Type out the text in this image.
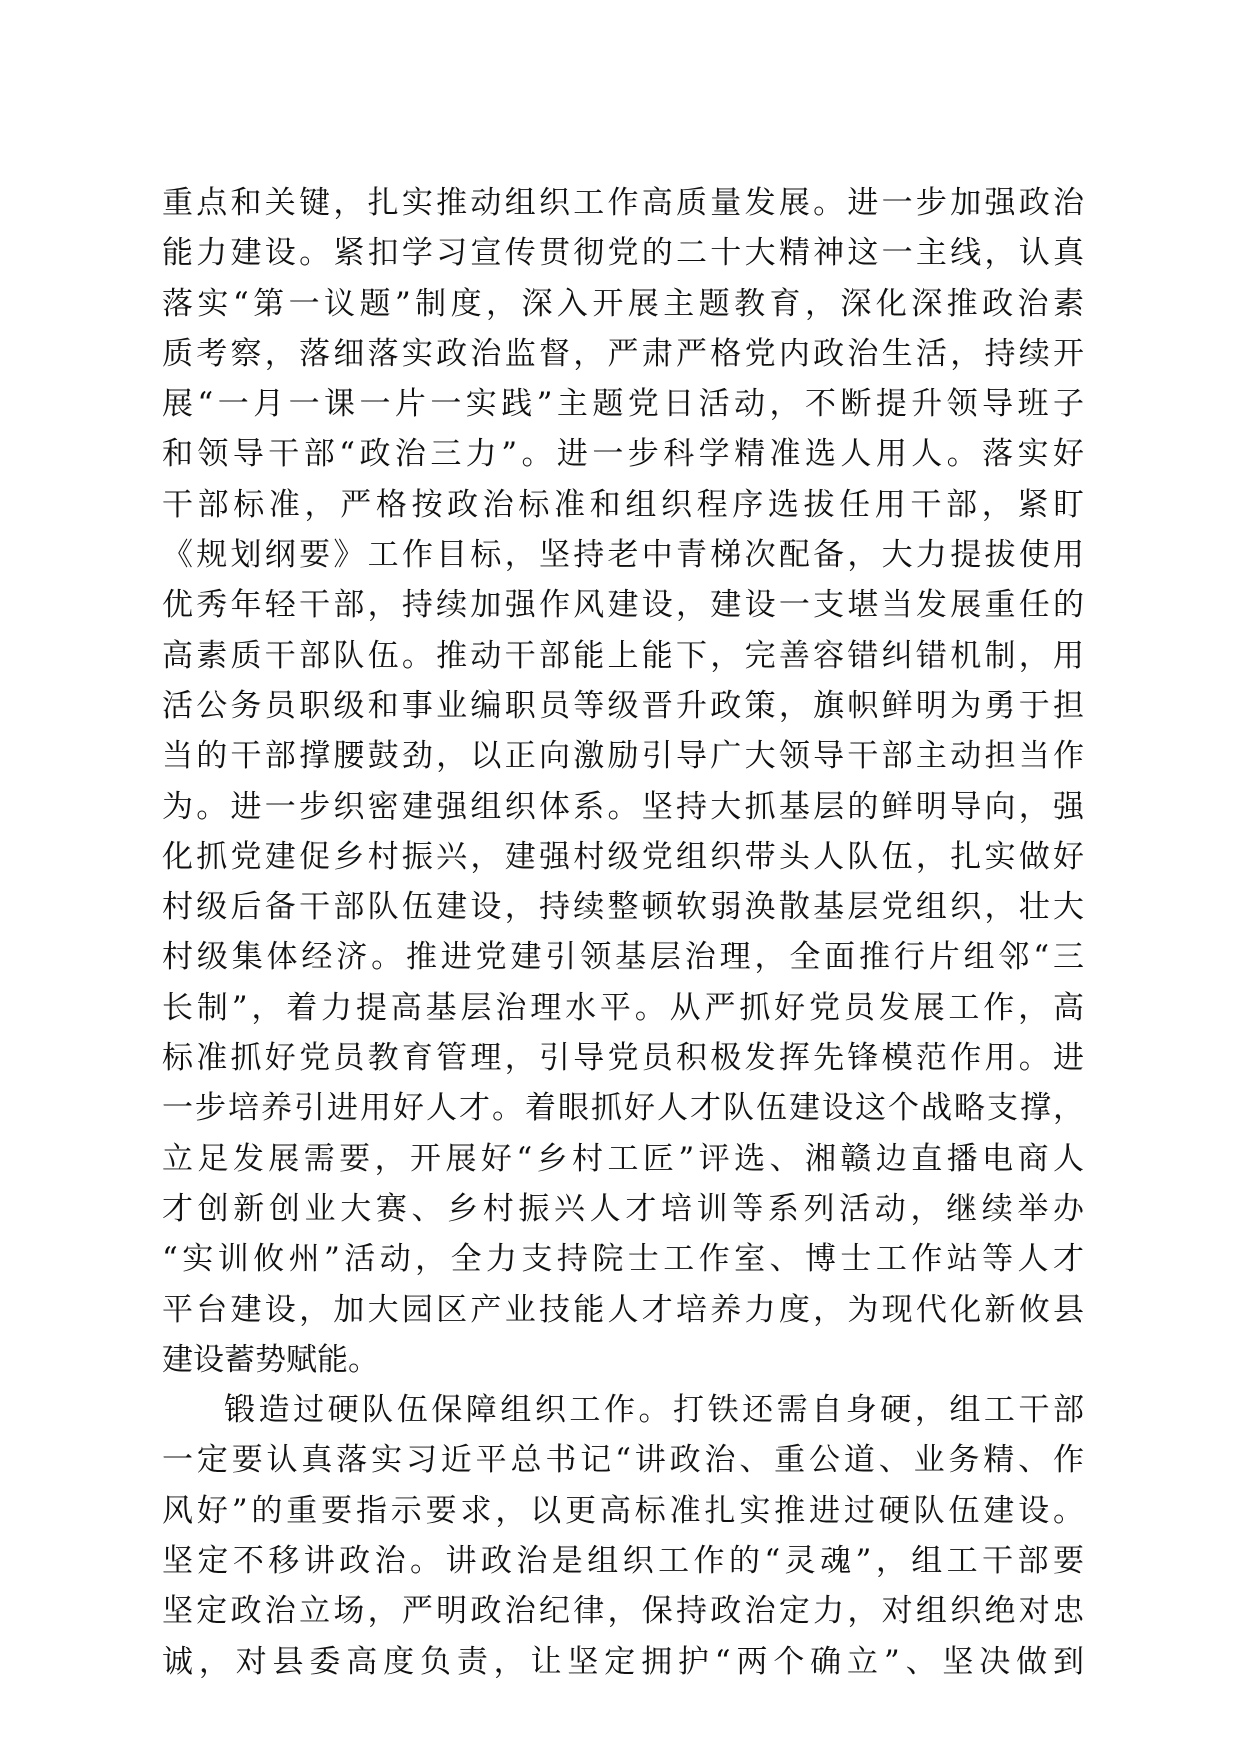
重点和关键，扎实推动组织工作高质量发展。进一步加强政治
能力建设。紧扣学习宣传贯彻党的二十大精神这一主线，认真
落实“第一议题”制度，深入开展主题教育，深化深推政治素
质考察，落细落实政治监督，严肃严格党内政治生活，持续开
展“一月一课一片一实践”主题党日活动，不断提升领导班子
和领导干部“政治三力”。进一步科学精准选人用人。落实好
干部标准，严格按政治标准和组织程序选拔任用干部，紧盯
《规划纲要》工作目标，坚持老中青梯次配备，大力提拔使用
优秀年轻干部，持续加强作风建设，建设一支堪当发展重任的
高素质干部队伍。推动干部能上能下，完善容错纠错机制，用
活公务员职级和事业编职员等级晋升政策，旗帜鲜明为勇于担
当的干部撑腰鼓劲，以正向激励引导广大领导干部主动担当作
为。进一步织密建强组织体系。坚持大抓基层的鲜明导向，强
化抓党建促乡村振兴，建强村级党组织带头人队伍，扎实做好
村级后备干部队伍建设，持续整顿软弱涣散基层党组织，壮大
村级集体经济。推进党建引领基层治理，全面推行片组邻“三
长制”，着力提高基层治理水平。从严抓好党员发展工作，高
标准抓好党员教育管理，引导党员积极发挥先锋模范作用。进
一步培养引进用好人才。着眼抓好人才队伍建设这个战略支撑，
立足发展需要，开展好“乡村工匠”评选、湘赣边直播电商人
才创新创业大赛、乡村振兴人才培训等系列活动，继续举办
“实训攸州”活动，全力支持院士工作室、博士工作站等人才
平台建设，加大园区产业技能人才培养力度，为现代化新攸县
建设蓄势赋能。
锻造过硬队伍保障组织工作。打铁还需自身硬，组工干部
一定要认真落实习近平总书记“讲政治、重公道、业务精、作
风好”的重要指示要求，以更高标准扎实推进过硬队伍建设。
坚定不移讲政治。讲政治是组织工作的“灵魂”，组工干部要
坚定政治立场，严明政治纪律，保持政治定力，对组织绝对忠
诚，对县委高度负责，让坚定拥护“两个确立”、坚决做到
